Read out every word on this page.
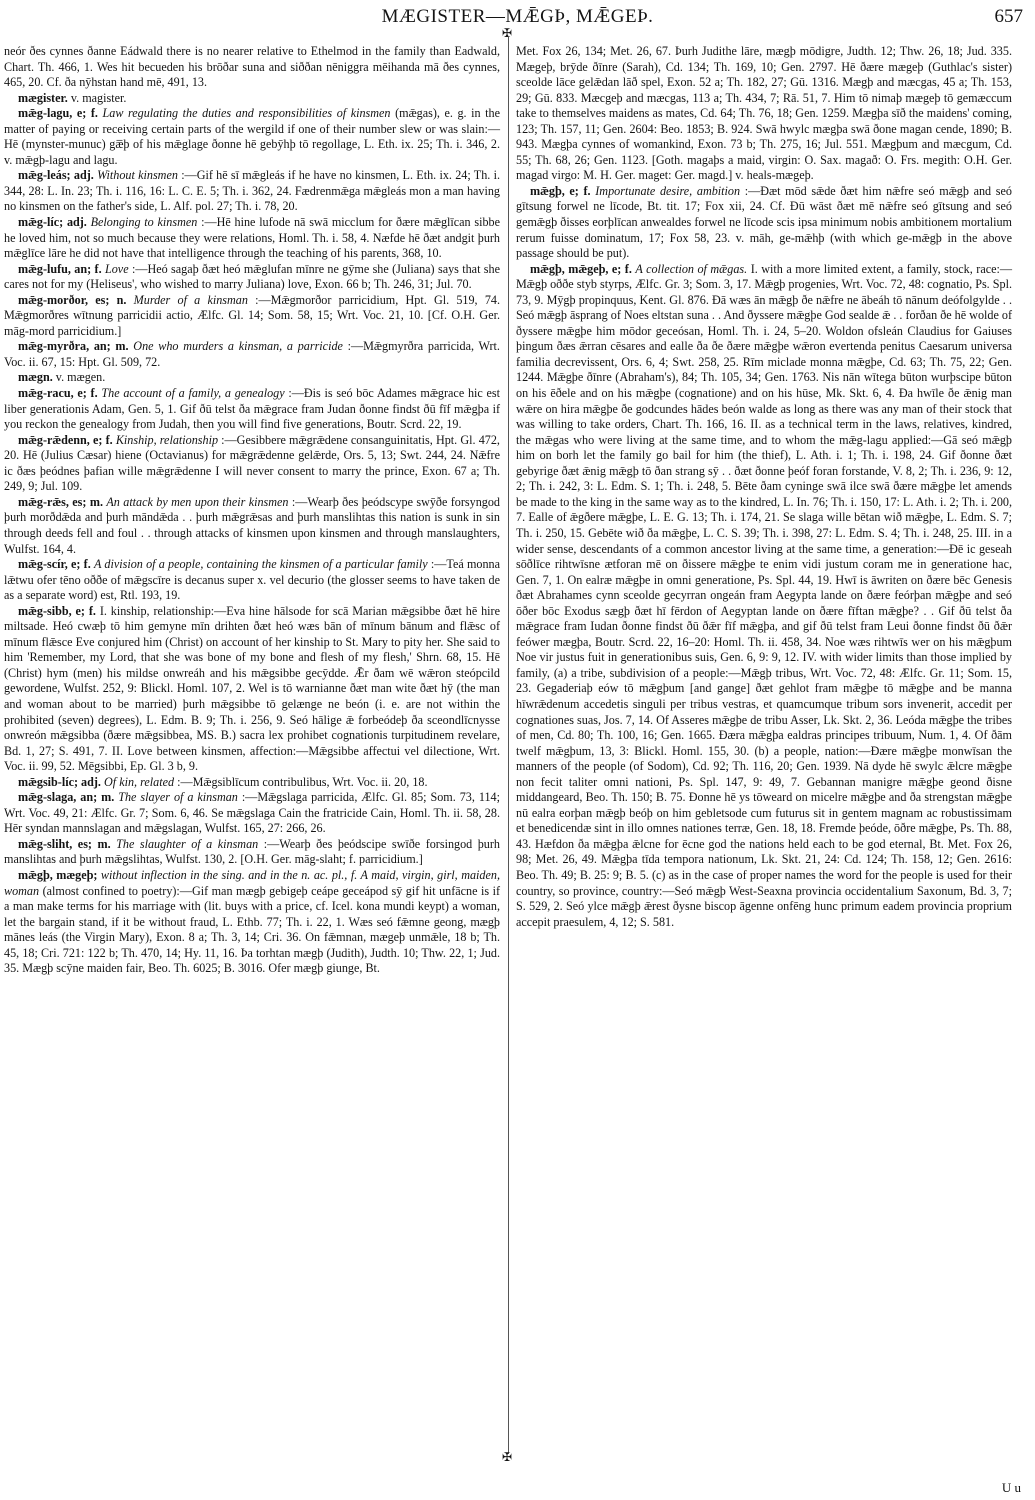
MÆGISTER—MǢGÞ, MǢGEÞ.	657
✠
✠

neór ðes cynnes ðanne Eádwald there is no nearer relative to Ethelmod in the family than Eadwald, Chart. Th. 466, 1. Wes hit becueden his brōðar suna and siððan nēniggra mēihanda mā ðes cynnes, 465, 20. Cf. ða nȳhstan hand mē, 491, 13.

mægister. v. magister.

mǣg-lagu, e; f. Law regulating the duties and responsibilities of kinsmen (mǣgas), e. g. in the matter of paying or receiving certain parts of the wergild if one of their number slew or was slain:—Hē (mynster-munuc) gæ̅þ of his mǣglage ðonne hē gebȳhþ tō regollage, L. Eth. ix. 25; Th. i. 346, 2. v. mǣgþ-lagu and lagu.

mǣg-leás; adj. Without kinsmen :—Gif hē sī mǣgleás if he have no kinsmen, L. Eth. ix. 24; Th. i. 344, 28: L. In. 23; Th. i. 116, 16: L. C. E. 5; Th. i. 362, 24. Fædrenmǣga mǣgleás mon a man having no kinsmen on the father's side, L. Alf. pol. 27; Th. i. 78, 20.

mǣg-líc; adj. Belonging to kinsmen :—Hē hine lufode nā swā micclum for ðære mǣglīcan sibbe he loved him, not so much because they were relations, Homl. Th. i. 58, 4. Næfde hē ðæt andgit þurh mǣglīce lāre he did not have that intelligence through the teaching of his parents, 368, 10.

mǣg-lufu, an; f. Love :—Heó sagaþ ðæt heó mǣglufan mīnre ne gȳme she (Juliana) says that she cares not for my (Heliseus', who wished to marry Juliana) love, Exon. 66 b; Th. 246, 31; Jul. 70.

mǣg-morðor, es; n. Murder of a kinsman :—Mǣgmorðor parricidium, Hpt. Gl. 519, 74. Mǣgmorðres wītnung parricidii actio, Ælfc. Gl. 14; Som. 58, 15; Wrt. Voc. 21, 10. [Cf. O.H. Ger. māg-mord parricidium.]

mǣg-myrðra, an; m. One who murders a kinsman, a parricide :—Mǣgmyrðra parricida, Wrt. Voc. ii. 67, 15: Hpt. Gl. 509, 72.

mægn. v. mægen.

mǣg-racu, e; f. The account of a family, a genealogy :—Ðis is seó bōc Adames mǣgrace hic est liber generationis Adam, Gen. 5, 1. Gif ðū telst ða mǣgrace fram Judan ðonne findst ðū fīf mǣgþa if you reckon the genealogy from Judah, then you will find five generations, Boutr. Scrd. 22, 19.

mǣg-rǣdenn, e; f. Kinship, relationship :—Gesibbere mǣgrǣdene consanguinitatis, Hpt. Gl. 472, 20. Hē (Julius Cæsar) hiene (Octavianus) for mǣgrǣdenne gelǣrde, Ors. 5, 13; Swt. 244, 24. Nǣfre ic ðæs þeódnes þafian wille mǣgrǣdenne I will never consent to marry the prince, Exon. 67 a; Th. 249, 9; Jul. 109.

mǣg-rǣs, es; m. An attack by men upon their kinsmen :—Wearþ ðes þeódscype swȳðe forsyngod þurh morðdǣda and þurh māndǣda . . þurh mǣgrǣsas and þurh manslihtas this nation is sunk in sin through deeds fell and foul . . through attacks of kinsmen upon kinsmen and through manslaughters, Wulfst. 164, 4.

mǣg-scír, e; f. A division of a people, containing the kinsmen of a particular family :—Teá monna lǣtwu ofer tēno oððe of mǣgscīre is decanus super x. vel decurio (the glosser seems to have taken de as a separate word) est, Rtl. 193, 19.

mǣg-sibb, e; f. I. kinship, relationship:—Eva hine hālsode for scā Marian mǣgsibbe ðæt hē hire miltsade. Heó cwæþ tō him gemyne mīn drihten ðæt heó wæs bān of mīnum bānum and flǣsc of mīnum flǣsce Eve conjured him (Christ) on account of her kinship to St. Mary to pity her. She said to him 'Remember, my Lord, that she was bone of my bone and flesh of my flesh,' Shrn. 68, 15. Hē (Christ) hym (men) his mildse onwreáh and his mǣgsibbe gecȳdde. Ǣr ðam wē wǣron steópcild gewordene, Wulfst. 252, 9: Blickl. Homl. 107, 2. Wel is tō warnianne ðæt man wite ðæt hȳ (the man and woman about to be married) þurh mǣgsibbe tō gelænge ne beón (i. e. are not within the prohibited (seven) degrees), L. Edm. B. 9; Th. i. 256, 9. Seó hālige ǣ forbeódeþ ða sceondlīcnysse onwreón mǣgsibba (ðære mǣgsibbea, MS. B.) sacra lex prohibet cognationis turpitudinem revelare, Bd. 1, 27; S. 491, 7. II. Love between kinsmen, affection:—Mǣgsibbe affectui vel dilectione, Wrt. Voc. ii. 99, 52. Mēgsibbi, Ep. Gl. 3 b, 9.

mǣgsib-líc; adj. Of kin, related :—Mǣgsiblīcum contribulibus, Wrt. Voc. ii. 20, 18.

mǣg-slaga, an; m. The slayer of a kinsman :—Mǣgslaga parricida, Ælfc. Gl. 85; Som. 73, 114; Wrt. Voc. 49, 21: Ælfc. Gr. 7; Som. 6, 46. Se mǣgslaga Cain the fratricide Cain, Homl. Th. ii. 58, 28. Hēr syndan mannslagan and mǣgslagan, Wulfst. 165, 27: 266, 26.

mǣg-sliht, es; m. The slaughter of a kinsman :—Wearþ ðes þeódscipe swīðe forsingod þurh manslihtas and þurh mǣgslihtas, Wulfst. 130, 2. [O.H. Ger. māg-slaht; f. parricidium.]

mǣgþ, mægeþ; without inflection in the sing. and in the n. ac. pl., f. A maid, virgin, girl, maiden, woman (almost confined to poetry):—Gif man mægþ gebigeþ ceápe geceápod sȳ gif hit unfācne is if a man make terms for his marriage with (lit. buys with a price, cf. Icel. kona mundi keypt) a woman, let the bargain stand, if it be without fraud, L. Ethb. 77; Th. i. 22, 1. Wæs seó fǣmne geong, mægþ mānes leás (the Virgin Mary), Exon. 8 a; Th. 3, 14; Cri. 36. On fǣmnan, mægeþ unmǣle, 18 b; Th. 45, 18; Cri. 721: 122 b; Th. 470, 14; Hy. 11, 16. Þa torhtan mægþ (Judith), Judth. 10; Thw. 22, 1; Jud. 35. Mægþ scȳne maiden fair, Beo. Th. 6025; B. 3016. Ofer mægþ giunge, Bt.

Met. Fox 26, 134; Met. 26, 67. Þurh Judithe lāre, mægþ mōdigre, Judth. 12; Thw. 26, 18; Jud. 335. Mægeþ, brȳde ðīnre (Sarah), Cd. 134; Th. 169, 10; Gen. 2797. Hē ðære mægeþ (Guthlac's sister) sceolde lāce gelǣdan lāð spel, Exon. 52 a; Th. 182, 27; Gū. 1316. Mægþ and mæcgas, 45 a; Th. 153, 29; Gū. 833. Mæcgeþ and mæcgas, 113 a; Th. 434, 7; Rā. 51, 7. Him tō nimaþ mægeþ tō gemæccum take to themselves maidens as mates, Cd. 64; Th. 76, 18; Gen. 1259. Mægþa sīð the maidens' coming, 123; Th. 157, 11; Gen. 2604: Beo. 1853; B. 924. Swā hwylc mægþa swā ðone magan cende, 1890; B. 943. Mægþa cynnes of womankind, Exon. 73 b; Th. 275, 16; Jul. 551. Mægþum and mæcgum, Cd. 55; Th. 68, 26; Gen. 1123. [Goth. magaþs a maid, virgin: O. Sax. magað: O. Frs. megith: O.H. Ger. magad virgo: M. H. Ger. maget: Ger. magd.] v. heals-mægeþ.

mǣgþ, e; f. Importunate desire, ambition :—Ðæt mōd sǣde ðæt him nǣfre seó mǣgþ and seó gītsung forwel ne līcode, Bt. tit. 17; Fox xii, 24. Cf. Ðū wāst ðæt mē nǣfre seó gītsung and seó gemǣgþ ðisses eorþlīcan anwealdes forwel ne līcode scis ipsa minimum nobis ambitionem mortalium rerum fuisse dominatum, 17; Fox 58, 23. v. māh, ge-mǣhþ (with which ge-mǣgþ in the above passage should be put).

mǣgþ, mǣgeþ, e; f. A collection of mǣgas. I. with a more limited extent, a family, stock, race:—Mǣgþ oððe styb styrps, Ælfc. Gr. 3; Som. 3, 17. Mǣgþ progenies, Wrt. Voc. 72, 48: cognatio, Ps. Spl. 73, 9. Mȳgþ propinquus, Kent. Gl. 876. Ðā wæs ān mǣgþ ðe nǣfre ne ābeáh tō nānum deófolgylde . . Seó mǣgþ āsprang of Noes eltstan suna . . And ðyssere mǣgþe God sealde ǣ . . forðan ðe hē wolde of ðyssere mǣgþe him mōdor geceósan, Homl. Th. i. 24, 5–20. Woldon ofsleán Claudius for Gaiuses þingum ðæs ǣrran cēsares and ealle ða ðe ðære mǣgþe wǣron evertenda penitus Caesarum universa familia decrevissent, Ors. 6, 4; Swt. 258, 25. Rīm miclade monna mǣgþe, Cd. 63; Th. 75, 22; Gen. 1244. Mǣgþe ðīnre (Abraham's), 84; Th. 105, 34; Gen. 1763. Nis nān wītega būton wurþscipe būton on his ēðele and on his mǣgþe (cognatione) and on his hūse, Mk. Skt. 6, 4. Ða hwīle ðe ǣnig man wǣre on hira mǣgþe ðe godcundes hādes beón walde as long as there was any man of their stock that was willing to take orders, Chart. Th. 166, 16. II. as a technical term in the laws, relatives, kindred, the mǣgas who were living at the same time, and to whom the mǣg-lagu applied:—Gā seó mǣgþ him on borh let the family go bail for him (the thief), L. Ath. i. 1; Th. i. 198, 24. Gif ðonne ðæt gebyrige ðæt ǣnig mǣgþ tō ðan strang sȳ . . ðæt ðonne þeóf foran forstande, V. 8, 2; Th. i. 236, 9: 12, 2; Th. i. 242, 3: L. Edm. S. 1; Th. i. 248, 5. Bēte ðam cyninge swā ilce swā ðære mǣgþe let amends be made to the king in the same way as to the kindred, L. In. 76; Th. i. 150, 17: L. Ath. i. 2; Th. i. 200, 7. Ealle of ǣgðere mǣgþe, L. E. G. 13; Th. i. 174, 21. Se slaga wille bētan wið mǣgþe, L. Edm. S. 7; Th. i. 250, 15. Gebēte wið ða mǣgþe, L. C. S. 39; Th. i. 398, 27: L. Edm. S. 4; Th. i. 248, 25. III. in a wider sense, descendants of a common ancestor living at the same time, a generation:—Ðē ic geseah sōðlīce rihtwīsne ætforan mē on ðissere mǣgþe te enim vidi justum coram me in generatione hac, Gen. 7, 1. On ealræ mǣgþe in omni generatione, Ps. Spl. 44, 19. Hwī is āwriten on ðære bēc Genesis ðæt Abrahames cynn sceolde gecyrran ongeán fram Aegypta lande on ðære feórþan mǣgþe and seó ōðer bōc Exodus sægþ ðæt hī fērdon of Aegyptan lande on ðære fīftan mǣgþe? . . Gif ðū telst ða mǣgrace fram Iudan ðonne findst ðū ðǣr fīf mǣgþa, and gif ðū telst fram Leui ðonne findst ðū ðǣr feówer mægþa, Boutr. Scrd. 22, 16–20: Homl. Th. ii. 458, 34. Noe wæs rihtwīs wer on his mǣgþum Noe vir justus fuit in generationibus suis, Gen. 6, 9: 9, 12. IV. with wider limits than those implied by family, (a) a tribe, subdivision of a people:—Mǣgþ tribus, Wrt. Voc. 72, 48: Ælfc. Gr. 11; Som. 15, 23. Gegaderiaþ eów tō mǣgþum [and gange] ðæt gehlot fram mǣgþe tō mǣgþe and be manna hīwrǣdenum accedetis singuli per tribus vestras, et quamcumque tribum sors invenerit, accedit per cognationes suas, Jos. 7, 14. Of Asseres mǣgþe de tribu Asser, Lk. Skt. 2, 36. Leóda mǣgþe the tribes of men, Cd. 80; Th. 100, 16; Gen. 1665. Ðæra mǣgþa ealdras principes tribuum, Num. 1, 4. Of ðām twelf mǣgþum, 13, 3: Blickl. Homl. 155, 30. (b) a people, nation:—Ðære mǣgþe monwīsan the manners of the people (of Sodom), Cd. 92; Th. 116, 20; Gen. 1939. Nā dyde hē swylc ǣlcre mǣgþe non fecit taliter omni nationi, Ps. Spl. 147, 9: 49, 7. Gebannan manigre mǣgþe geond ðisne middangeard, Beo. Th. 150; B. 75. Ðonne hē ys tōweard on micelre mǣgþe and ða strengstan mǣgþe nū ealra eorþan mǣgþ beóþ on him gebletsode cum futurus sit in gentem magnam ac robustissimam et benedicendæ sint in illo omnes nationes terræ, Gen. 18, 18. Fremde þeóde, ōðre mǣgþe, Ps. Th. 88, 43. Hæfdon ða mǣgþa ǣlcne for ēcne god the nations held each to be god eternal, Bt. Met. Fox 26, 98; Met. 26, 49. Mǣgþa tīda tempora nationum, Lk. Skt. 21, 24: Cd. 124; Th. 158, 12; Gen. 2616: Beo. Th. 49; B. 25: 9; B. 5. (c) as in the case of proper names the word for the people is used for their country, so province, country:—Seó mǣgþ West-Seaxna provincia occidentalium Saxonum, Bd. 3, 7; S. 529, 2. Seó ylce mǣgþ ǣrest ðysne biscop āgenne onfēng hunc primum eadem provincia proprium accepit praesulem, 4, 12; S. 581.

U u
